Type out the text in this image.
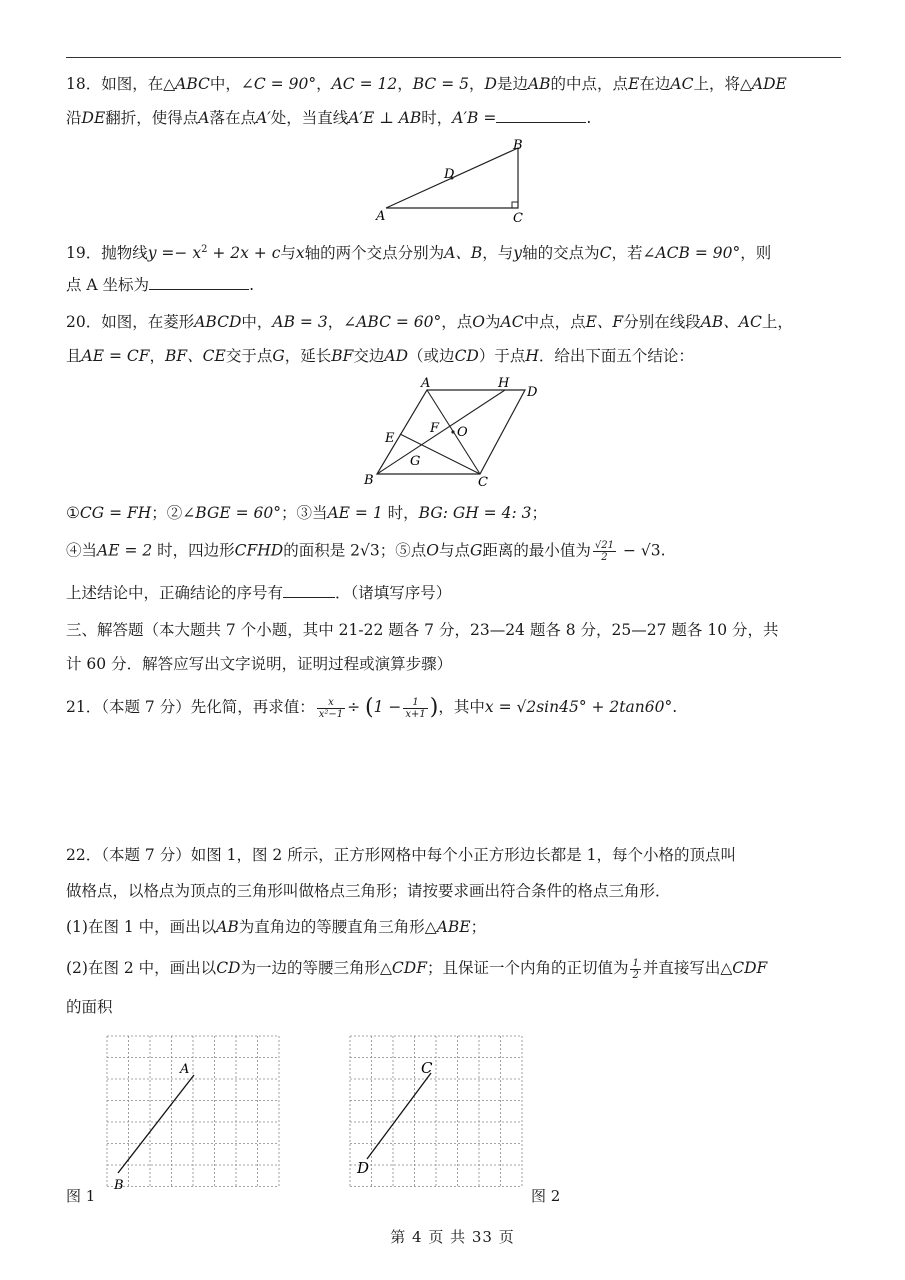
18．如图，在△ABC中，∠C = 90°，AC = 12，BC = 5，D是边AB的中点，点E在边AC上，将△ADE
沿DE翻折，使得点A落在点A′处，当直线A′E ⊥ AB时，A′B =	.
A	C
B
D
19．抛物线$y =- x^2 + 2x + c$与x轴的两个交点分别为A、B，与y轴的交点为C，若∠ACB = 90°，则
点 A 坐标为	.
20．如图，在菱形ABCD中，AB = 3，∠ABC = 60°，点O为AC中点，点E、F分别在线段AB、AC上，
且AE = CF，BF、CE交于点G，延长BF交边AD（或边CD）于点H．给出下面五个结论：
A	H
D
E
F O
G
B	C
①CG = FH；②∠BGE = 60°；③当AE = 1 时，BG: GH = 4: 3；
④当AE = 2 时，四边形CFHD的面积是 2√3；⑤点O与点G距离的最小值为 $\frac{√21}{2} - √3$.
上述结论中，正确结论的序号有	．（诸填写序号）
三、解答题（本大题共 7 个小题，其中 21-22 题各 7 分，23—24 题各 8 分，25—27 题各 10 分，共
计 60 分．解答应写出文字说明，证明过程或演算步骤）
21．（本题 7 分）先化简，再求值： $\frac{x}{\text{x²−1}} \div (1 - \frac{1}{x+1}$ )，其中x = √2sin45° + 2tan60°.
22．（本题 7 分）如图 1，图 2 所示，正方形网格中每个小正方形边长都是 1，每个小格的顶点叫
做格点，以格点为顶点的三角形叫做格点三角形；请按要求画出符合条件的格点三角形．
(1)在图 1 中，画出以AB为直角边的等腰直角三角形△ABE；
(2)在图 2 中，画出以CD为一边的等腰三角形△CDF；且保证一个内角的正切值为 $\frac{1}{2}$ 并直接写出△CDF
的面积
A
B
图 1
C
D
图 2
第 4 页 共 33 页
